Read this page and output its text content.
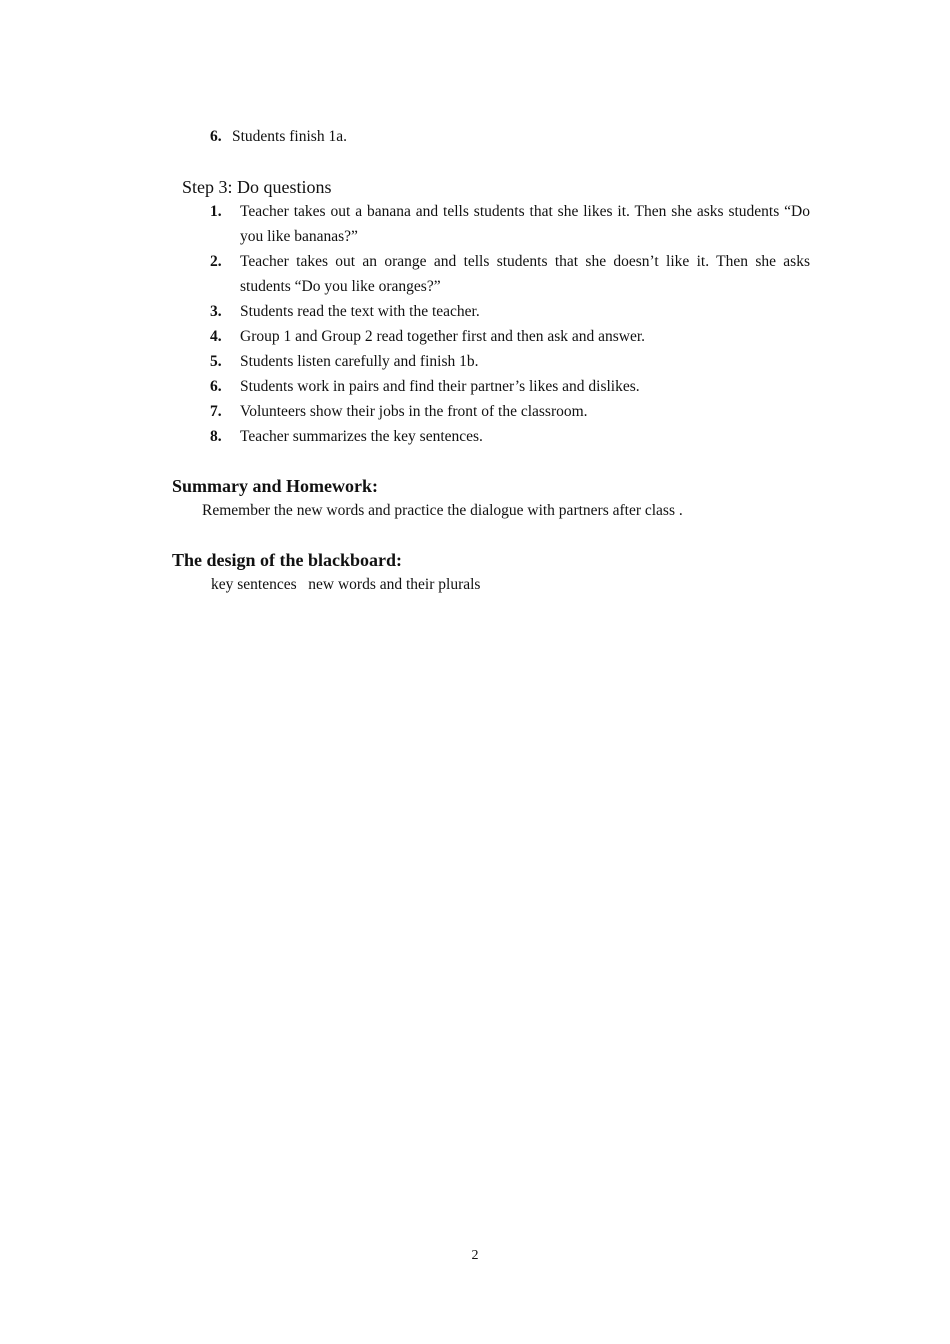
6. Students finish 1a.
Step 3: Do questions
1. Teacher takes out a banana and tells students that she likes it. Then she asks students “Do you like bananas?”
2. Teacher takes out an orange and tells students that she doesn’t like it. Then she asks students “Do you like oranges?”
3. Students read the text with the teacher.
4. Group 1 and Group 2 read together first and then ask and answer.
5. Students listen carefully and finish 1b.
6. Students work in pairs and find their partner’s likes and dislikes.
7. Volunteers show their jobs in the front of the classroom.
8. Teacher summarizes the key sentences.
Summary and Homework:
Remember the new words and practice the dialogue with partners after class .
The design of the blackboard:
key sentences   new words and their plurals
2
